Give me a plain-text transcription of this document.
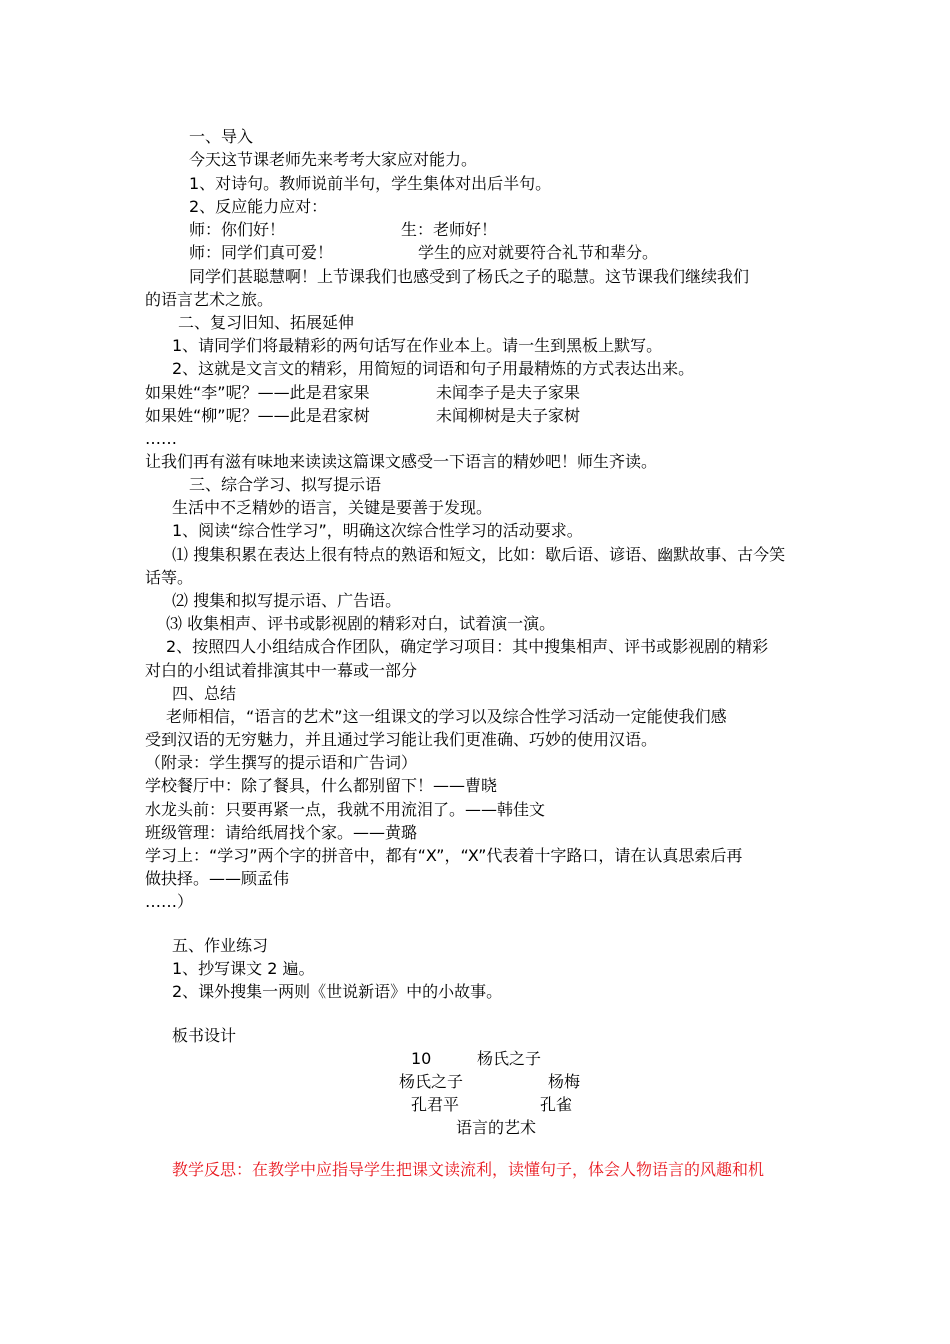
一、导入
今天这节课老师先来考考大家应对能力。
1、对诗句。教师说前半句，学生集体对出后半句。
2、反应能力应对：
师：你们好！	生：老师好！
师：同学们真可爱！	学生的应对就要符合礼节和辈分。
同学们甚聪慧啊！上节课我们也感受到了杨氏之子的聪慧。这节课我们继续我们
的语言艺术之旅。
二、复习旧知、拓展延伸
1、请同学们将最精彩的两句话写在作业本上。请一生到黑板上默写。
2、这就是文言文的精彩，用简短的词语和句子用最精炼的方式表达出来。
如果姓“李”呢？——此是君家果	未闻李子是夫子家果
如果姓“柳”呢？——此是君家树	未闻柳树是夫子家树
……
让我们再有滋有味地来读读这篇课文感受一下语言的精妙吧！师生齐读。
三、综合学习、拟写提示语
生活中不乏精妙的语言，关键是要善于发现。
1、阅读“综合性学习”，明确这次综合性学习的活动要求。
⑴ 搜集积累在表达上很有特点的熟语和短文，比如：歇后语、谚语、幽默故事、古今笑
话等。
⑵ 搜集和拟写提示语、广告语。
⑶ 收集相声、评书或影视剧的精彩对白，试着演一演。
2、按照四人小组结成合作团队，确定学习项目：其中搜集相声、评书或影视剧的精彩
对白的小组试着排演其中一幕或一部分
四、总结
老师相信，“语言的艺术”这一组课文的学习以及综合性学习活动一定能使我们感
受到汉语的无穷魅力，并且通过学习能让我们更准确、巧妙的使用汉语。
（附录：学生撰写的提示语和广告词）
学校餐厅中：除了餐具，什么都别留下！——曹晓
水龙头前：只要再紧一点，我就不用流泪了。——韩佳文
班级管理：请给纸屑找个家。——黄璐
学习上：“学习”两个字的拼音中，都有“X”，“X”代表着十字路口，请在认真思索后再
做抉择。——顾孟伟
……）
五、作业练习
1、抄写课文 2 遍。
2、课外搜集一两则《世说新语》中的小故事。
板书设计
10	杨氏之子
杨氏之子	杨梅
孔君平	孔雀
语言的艺术
教学反思：在教学中应指导学生把课文读流利，读懂句子，体会人物语言的风趣和机
